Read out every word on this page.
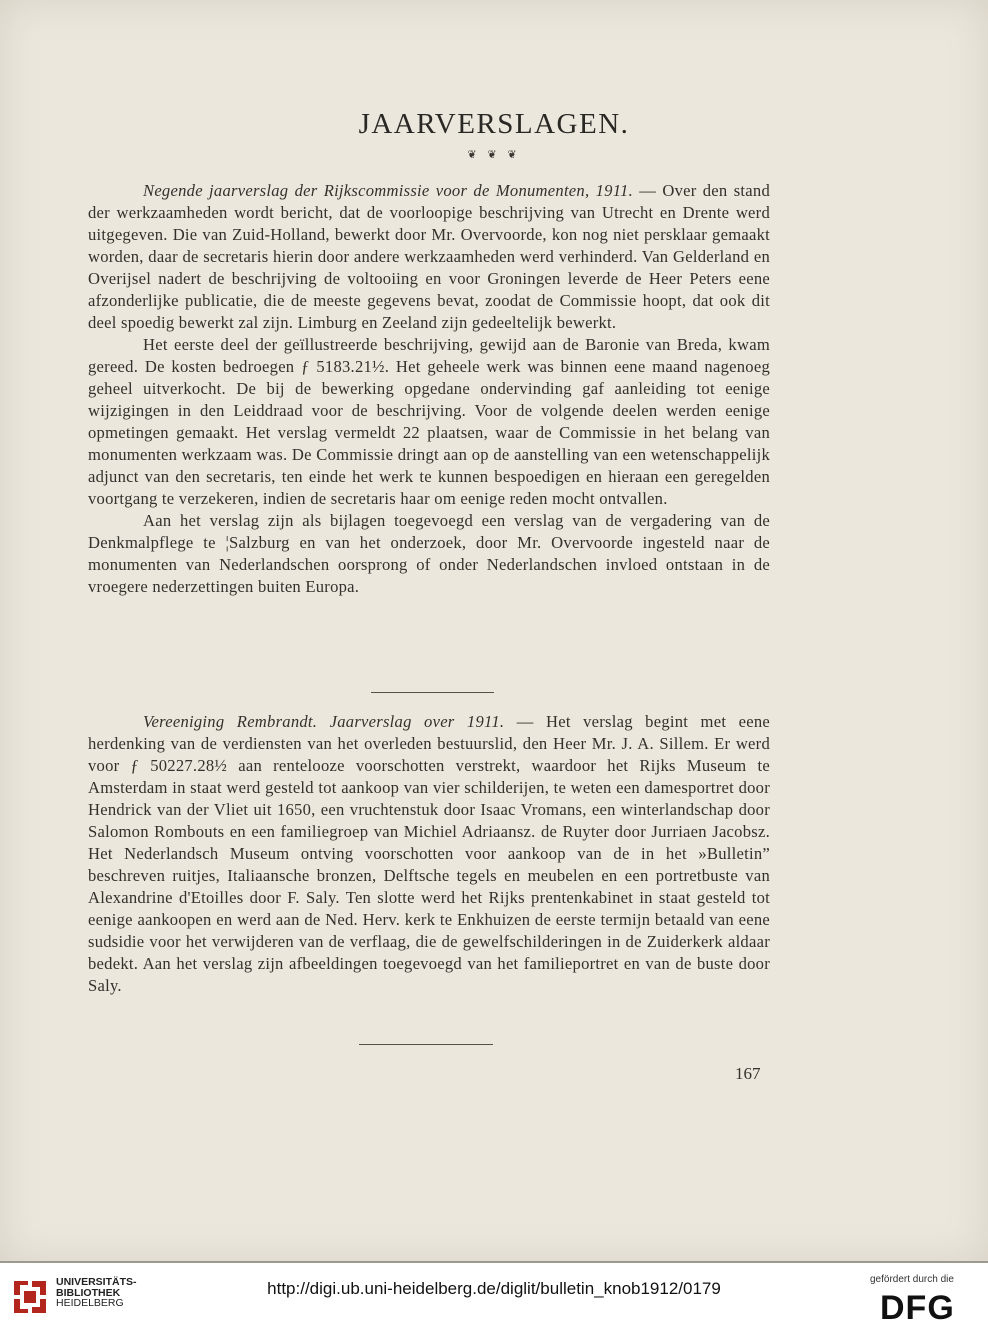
JAARVERSLAGEN.
❦ ❦ ❦

Negende jaarverslag der Rijkscommissie voor de Monumenten, 1911. — Over den stand der werkzaamheden wordt bericht, dat de voorloopige beschrijving van Utrecht en Drente werd uitgegeven. Die van Zuid-Holland, bewerkt door Mr. Overvoorde, kon nog niet persklaar gemaakt worden, daar de secretaris hierin door andere werkzaamheden werd verhinderd. Van Gelderland en Overijsel nadert de beschrijving de voltooiing en voor Groningen leverde de Heer Peters eene afzonderlijke publicatie, die de meeste gegevens bevat, zoodat de Commissie hoopt, dat ook dit deel spoedig bewerkt zal zijn. Limburg en Zeeland zijn gedeeltelijk bewerkt.

Het eerste deel der geïllustreerde beschrijving, gewijd aan de Baronie van Breda, kwam gereed. De kosten bedroegen ƒ 5183.21½. Het geheele werk was binnen eene maand nagenoeg geheel uitverkocht. De bij de bewerking opgedane ondervinding gaf aanleiding tot eenige wijzigingen in den Leiddraad voor de beschrijving. Voor de volgende deelen werden eenige opmetingen gemaakt. Het verslag vermeldt 22 plaatsen, waar de Commissie in het belang van monumenten werkzaam was. De Commissie dringt aan op de aanstelling van een wetenschappelijk adjunct van den secretaris, ten einde het werk te kunnen bespoedigen en hieraan een geregelden voortgang te verzekeren, indien de secretaris haar om eenige reden mocht ontvallen.

Aan het verslag zijn als bijlagen toegevoegd een verslag van de vergadering van de Denkmalpflege te ¦Salzburg en van het onderzoek, door Mr. Overvoorde ingesteld naar de monumenten van Nederlandschen oorsprong of onder Nederlandschen invloed ontstaan in de vroegere nederzettingen buiten Europa.

Vereeniging Rembrandt. Jaarverslag over 1911. — Het verslag begint met eene herdenking van de verdiensten van het overleden bestuurslid, den Heer Mr. J. A. Sillem. Er werd voor ƒ 50227.28½ aan rentelooze voorschotten verstrekt, waardoor het Rijks Museum te Amsterdam in staat werd gesteld tot aankoop van vier schilderijen, te weten een damesportret door Hendrick van der Vliet uit 1650, een vruchtenstuk door Isaac Vromans, een winterlandschap door Salomon Rombouts en een familiegroep van Michiel Adriaansz. de Ruyter door Jurriaen Jacobsz. Het Nederlandsch Museum ontving voorschotten voor aankoop van de in het »Bulletin” beschreven ruitjes, Italiaansche bronzen, Delftsche tegels en meubelen en een portretbuste van Alexandrine d'Etoilles door F. Saly. Ten slotte werd het Rijks prentenkabinet in staat gesteld tot eenige aankoopen en werd aan de Ned. Herv. kerk te Enkhuizen de eerste termijn betaald van eene sudsidie voor het verwijderen van de verflaag, die de gewelfschilderingen in de Zuiderkerk aldaar bedekt. Aan het verslag zijn afbeeldingen toegevoegd van het familieportret en van de buste door Saly.

167
UNIVERSITÄTS-
BIBLIOTHEK
HEIDELBERG
http://digi.ub.uni-heidelberg.de/diglit/bulletin_knob1912/0179	gefördert durch die
DFG
